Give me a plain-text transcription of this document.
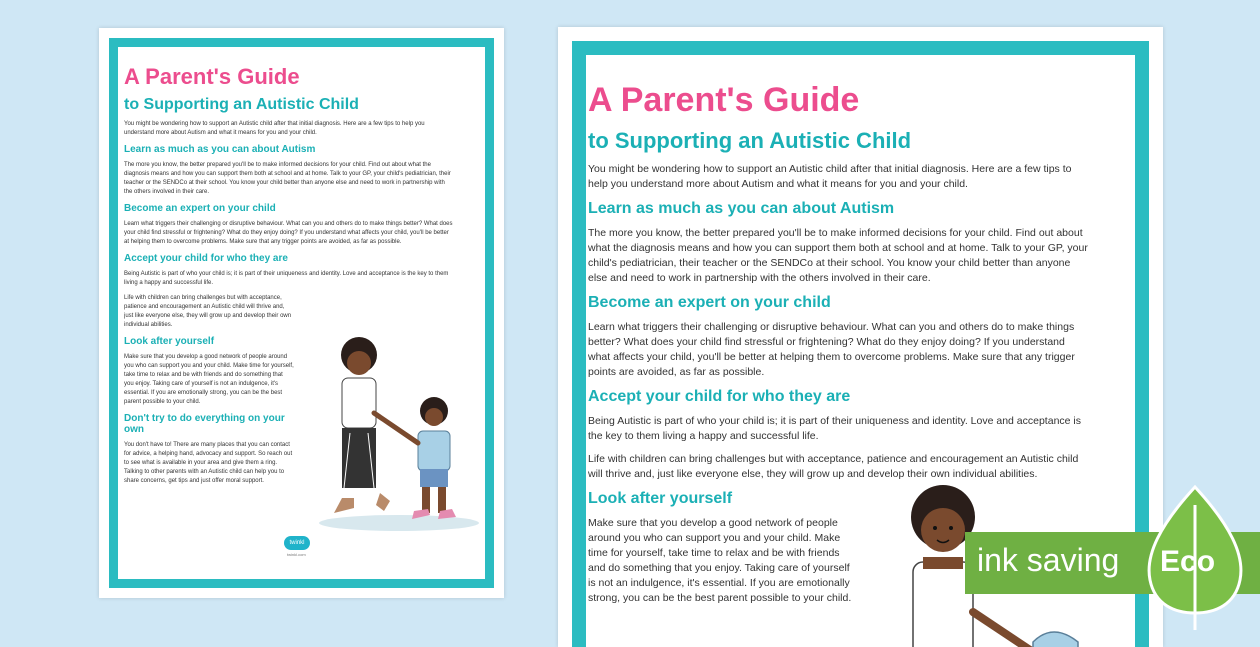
A Parent's Guide
to Supporting an Autistic Child

You might be wondering how to support an Autistic child after that initial diagnosis. Here are a few tips to help you understand more about Autism and what it means for you and your child.

Learn as much as you can about Autism

The more you know, the better prepared you'll be to make informed decisions for your child. Find out about what the diagnosis means and how you can support them both at school and at home. Talk to your GP, your child's pediatrician, their teacher or the SENDCo at their school. You know your child better than anyone else and need to work in partnership with the others involved in their care.

Become an expert on your child

Learn what triggers their challenging or disruptive behaviour. What can you and others do to make things better? What does your child find stressful or frightening? What do they enjoy doing? If you understand what affects your child, you'll be better at helping them to overcome problems. Make sure that any trigger points are avoided, as far as possible.

Accept your child for who they are

Being Autistic is part of who your child is; it is part of their uniqueness and identity. Love and acceptance is the key to them living a happy and successful life.

Life with children can bring challenges but with acceptance, patience and encouragement an Autistic child will thrive and, just like everyone else, they will grow up and develop their own individual abilities.

Look after yourself

Make sure that you develop a good network of people around you who can support you and your child. Make time for yourself, take time to relax and be with friends and do something that you enjoy. Taking care of yourself is not an indulgence, it's essential. If you are emotionally strong, you can be the best parent possible to your child.

Don't try to do everything on your own

You don't have to! There are many places that you can contact for advice, a helping hand, advocacy and support. So reach out to see what is available in your area and give them a ring. Talking to other parents with an Autistic child can help you to share concerns, get tips and just offer moral support.

twinkl
twinkl.com
A Parent's Guide
to Supporting an Autistic Child

You might be wondering how to support an Autistic child after that initial diagnosis. Here are a few tips to help you understand more about Autism and what it means for you and your child.

Learn as much as you can about Autism

The more you know, the better prepared you'll be to make informed decisions for your child. Find out about what the diagnosis means and how you can support them both at school and at home. Talk to your GP, your child's pediatrician, their teacher or the SENDCo at their school. You know your child better than anyone else and need to work in partnership with the others involved in their care.

Become an expert on your child

Learn what triggers their challenging or disruptive behaviour. What can you and others do to make things better? What does your child find stressful or frightening? What do they enjoy doing? If you understand what affects your child, you'll be better at helping them to overcome problems. Make sure that any trigger points are avoided, as far as possible.

Accept your child for who they are

Being Autistic is part of who your child is; it is part of their uniqueness and identity. Love and acceptance is the key to them living a happy and successful life.

Life with children can bring challenges but with acceptance, patience and encouragement an Autistic child will thrive and, just like everyone else, they will grow up and develop their own individual abilities.

Look after yourself

Make sure that you develop a good network of people around you who can support you and your child. Make time for yourself, take time to relax and be with friends and do something that you enjoy. Taking care of yourself is not an indulgence, it's essential. If you are emotionally strong, you can be the best parent possible to your child.

ink saving Eco
